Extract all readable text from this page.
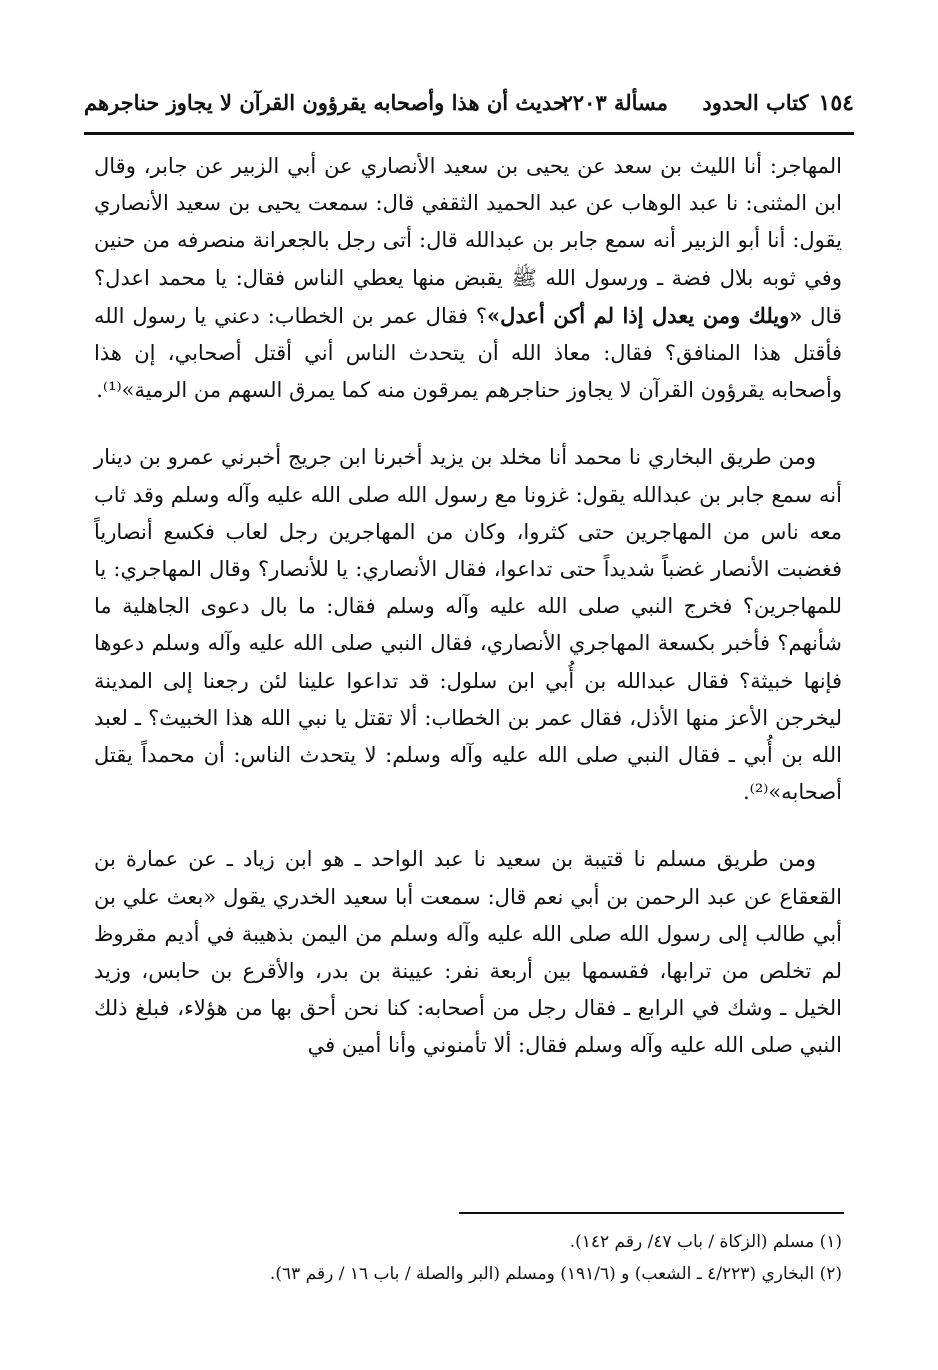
١٥٤كتاب الحدود
مسألة ٢٢٠٣
حديث أن هذا وأصحابه يقرؤون القرآن لا يجاوز حناجرهم

المهاجر: أنا الليث بن سعد عن يحيى بن سعيد الأنصاري عن أبي الزبير عن جابر، وقال ابن المثنى: نا عبد الوهاب عن عبد الحميد الثقفي قال: سمعت يحيى بن سعيد الأنصاري يقول: أنا أبو الزبير أنه سمع جابر بن عبدالله قال: أتى رجل بالجعرانة منصرفه من حنين وفي ثوبه بلال فضة ـ ورسول الله ﷺ يقبض منها يعطي الناس فقال: يا محمد اعدل؟ قال «ويلك ومن يعدل إذا لم أكن أعدل»؟ فقال عمر بن الخطاب: دعني يا رسول الله فأقتل هذا المنافق؟ فقال: معاذ الله أن يتحدث الناس أني أقتل أصحابي، إن هذا وأصحابه يقرؤون القرآن لا يجاوز حناجرهم يمرقون منه كما يمرق السهم من الرمية»⁽¹⁾.

ومن طريق البخاري نا محمد أنا مخلد بن يزيد أخبرنا ابن جريج أخبرني عمرو بن دينار أنه سمع جابر بن عبدالله يقول: غزونا مع رسول الله صلى الله عليه وآله وسلم وقد ثاب معه ناس من المهاجرين حتى كثروا، وكان من المهاجرين رجل لعاب فكسع أنصارياً فغضبت الأنصار غضباً شديداً حتى تداعوا، فقال الأنصاري: يا للأنصار؟ وقال المهاجري: يا للمهاجرين؟ فخرج النبي صلى الله عليه وآله وسلم فقال: ما بال دعوى الجاهلية ما شأنهم؟ فأخبر بكسعة المهاجري الأنصاري، فقال النبي صلى الله عليه وآله وسلم دعوها فإنها خبيثة؟ فقال عبدالله بن أُبي ابن سلول: قد تداعوا علينا لئن رجعنا إلى المدينة ليخرجن الأعز منها الأذل، فقال عمر بن الخطاب: ألا تقتل يا نبي الله هذا الخبيث؟ ـ لعبد الله بن أُبي ـ فقال النبي صلى الله عليه وآله وسلم: لا يتحدث الناس: أن محمداً يقتل أصحابه»⁽²⁾.

ومن طريق مسلم نا قتيبة بن سعيد نا عبد الواحد ـ هو ابن زياد ـ عن عمارة بن القعقاع عن عبد الرحمن بن أبي نعم قال: سمعت أبا سعيد الخدري يقول «بعث علي بن أبي طالب إلى رسول الله صلى الله عليه وآله وسلم من اليمن بذهيبة في أديم مقروظ لم تخلص من ترابها، فقسمها بين أربعة نفر: عيينة بن بدر، والأقرع بن حابس، وزيد الخيل ـ وشك في الرابع ـ فقال رجل من أصحابه: كنا نحن أحق بها من هؤلاء، فبلغ ذلك النبي صلى الله عليه وآله وسلم فقال: ألا تأمنوني وأنا أمين في

(١) مسلم (الزكاة / باب ٤٧/ رقم ١٤٢).

(٢) البخاري (٤/٢٢٣ ـ الشعب) و (١٩١/٦) ومسلم (البر والصلة / باب ١٦ / رقم ٦٣).
